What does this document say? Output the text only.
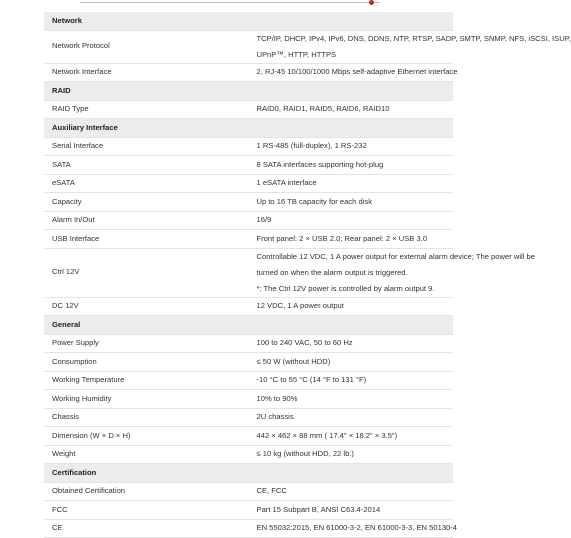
Network	
Network Protocol	TCP/IP, DHCP, IPv4, IPv6, DNS, DDNS, NTP, RTSP, SADP, SMTP, SNMP, NFS, iSCSI, ISUP,
UPnP™, HTTP, HTTPS

Network Interface	2, RJ-45 10/100/1000 Mbps self-adaptive Ethernet interface

RAID	
RAID Type	RAID0, RAID1, RAID5, RAID6, RAID10

Auxiliary Interface	
Serial Interface	1 RS-485 (full-duplex), 1 RS-232

SATA	8 SATA interfaces supporting hot-plug

eSATA	1 eSATA interface

Capacity	Up to 16 TB capacity for each disk

Alarm In/Out	16/9

USB Interface	Front panel: 2 × USB 2.0; Rear panel: 2 × USB 3.0

Ctrl 12V	Controllable 12 VDC, 1 A power output for external alarm device; The power will be
turned on when the alarm output is triggered.
*: The Ctrl 12V power is controlled by alarm output 9.

DC 12V	12 VDC, 1 A power output

General	
Power Supply	100 to 240 VAC, 50 to 60 Hz

Consumption	≤ 50 W (without HDD)

Working Temperature	-10 °C to 55 °C (14 °F to 131 °F)

Working Humidity	10% to 90%

Chassis	2U chassis

Dimension (W × D × H)	442 × 462 × 88 mm ( 17.4" × 18.2" × 3.5")

Weight	≤ 10 kg (without HDD, 22 lb.)

Certification	
Obtained Certification	CE, FCC

FCC	Part 15 Subpart B, ANSI C63.4-2014

CE	EN 55032:2015, EN 61000-3-2, EN 61000-3-3, EN 50130-4
